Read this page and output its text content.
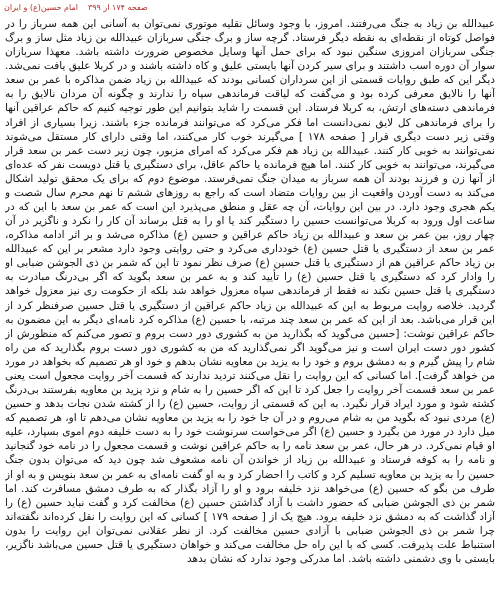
امام حسین(ع) و ایران صفحه ۱۷۴ از ۳۹۹

عبیدالله بن زیاد به جنگ می‌رفتند. امروز، با وجود وسائل نقلیه موتوری نمی‌توان به آسانی این همه سرباز را در فواصل کوتاه از نقطه‌ای به نقطه دیگر فرستاد. گرچه ساز و برگ جنگی سربازان عبیدالله بن زیاد مثل ساز و برگ جنگی سربازان امروزی سنگین نبود که برای حمل آنها وسایل مخصوص ضرورت داشته باشد. معهذا سربازان سوار آن دوره اسب داشتند و برای سیر کردن آنها بایستی علیق و کاه داشته باشند و در کربلا علیق یافت نمی‌شد. دیگر این که طبق روایات قسمتی از این سرداران کسانی بودند که عبیدالله بن زیاد ضمن مذاکره با عمر بن سعد آنها را نالایق معرفی کرده بود و می‌گفت که لیاقت فرماندهی سپاه را ندارند و چگونه آن مردان نالایق را به فرماندهی دسته‌های ارتش، به کربلا فرستاد. این قسمت را شاید بتوانیم این طور توجیه کنیم که حاکم عراقین آنها را برای فرماندهی کل لایق نمی‌دانست اما فکر می‌کرد که می‌توانند فرمانده جزء باشند. زیرا بسیاری از افراد وقتی زیر دست دیگری قرار [ صفحه ۱۷۸ ] می‌گیرند خوب کار می‌کنند، اما وقتی دارای کار مستقل می‌شوند نمی‌توانند به خوبی کار کنند. عبیدالله بن زیاد هم فکر می‌کرد که امرای مزبور، چون زیر دست عمر بن سعد قرار می‌گیرند، می‌توانند به خوبی کار کنند. اما هیچ فرمانده یا حاکم عاقل، برای دستگیری یا قتل دویست نفر که عده‌ای از آنها زن و فرزند بودند آن همه سرباز به میدان جنگ نمی‌فرستد. موضوع دوم که برای یک محقق تولید اشکال می‌کند به دست آوردن واقعیت از بین روایات متضاد است که راجع به روزهای ششم تا نهم محرم سال شصت و یکم هجری وجود دارد. در بین این روایات، آن چه عقل و منطق می‌پذیرد این است که عمر بن سعد با این که در ساعت اول ورود به کربلا می‌توانست حسین را دستگیر کند یا او را به قتل برساند آن کار را نکرد و ناگزیر در آن چهار روز، بین عمر بن سعد و عبیدالله بن زیاد حاکم عراقین و حسین (ع) مذاکره می‌شد و بر اثر ادامه مذاکره، عمر بن سعد از دستگیری یا قتل حسین (ع) خودداری می‌کرد و حتی روایتی وجود دارد مشعر بر این که عبیدالله بن زیاد حاکم عراقین هم از دستگیری یا قتل حسین (ع) صرف نظر نمود تا این که شمر بن ذی الجوشن ضبابی او را وادار کرد که دستگیری یا قتل حسین (ع) را تأیید کند و به عمر بن سعد بگوید که اگر بی‌درنگ مبادرت به دستگیری یا قتل حسین نکند نه فقط از فرماندهی سپاه معزول خواهد شد بلکه از حکومت ری نیز معزول خواهد گردید. خلاصه روایت مربوط به این که عبیدالله بن زیاد حاکم عراقین از دستگیری یا قتل حسین صرفنظر کرد از این قرار می‌باشد. بعد از این که عمر بن سعد چند مرتبه، با حسین (ع) مذاکره کرد نامه‌ای دیگر به این مضمون به حاکم عراقین نوشت: [حسین می‌گوید که بگذارید من به کشوری دور دست بروم و تصور می‌کنم که منظورش از کشور دور دست ایران است و نیز می‌گوید اگر نمی‌گذارید که من به کشوری دور دست بروم بگذارید که من راه شام را پیش گیرم و به دمشق بروم و خود را به یزید بن معاویه نشان بدهم و خود او هر تصمیم که بخواهد در مورد من خواهد گرفت]. اما کسانی که این روایت را نقل می‌کنند تردید ندارند که قسمت آخر روایت مجعول است یعنی عمر بن سعد قسمت آخر روایت را جعل کرد تا این که اگر حسین را به شام و نزد یزید بن معاویه بفرستند بی‌درنگ کشته شود و مورد ایراد قرار نگیرد. به این که قسمتی از روایت، حسین (ع) را از کشته شدن نجات بدهد و حسین (ع) مردی نبود که بگوید من به شام می‌روم و در آن جا خود را به یزید بن معاویه نشان می‌دهم تا او، هر تصمیم که میل دارد در مورد من بگیرد و حسین (ع) اگر می‌خواست سرنوشت خود را به دست خلیفه دوم اموی بسپارد، علیه او قیام نمی‌کرد. در هر حال، عمر بن سعد نامه را به حاکم عراقین نوشت و قسمت مجعول را در نامه خود گنجانید و نامه را به کوفه فرستاد و عبیدالله بن زیاد از خواندن آن نامه مشعوف شد چون دید که می‌توان بدون جنگ حسین را به یزید بن معاویه تسلیم کرد و کاتب را احضار کرد و به او گفت نامه‌ای به عمر بن سعد بنویس و به او از طرف من بگو که حسین (ع) می‌خواهد نزد خلیفه برود و او را آزاد بگذار که به طرف دمشق مسافرت کند. اما شمر بن ذی الجوشن ضبابی که حضور داشت با آزاد گذاشتن حسین (ع) مخالفت کرد و گفت نباید حسین (ع) را آزاد گذاشت که به دمشق نزد خلیفه برود. هیچ یک از [ صفحه ۱۷۹ ] کسانی که این روایت را نقل کرده‌اند نگفته‌اند چرا شمر بن ذی الجوشن ضبابی با آزادی حسین مخالفت کرد. از نظر عقلانی نمی‌توان این روایت را بدون استنباط علت پذیرفت. کسی که با این راه حل مخالفت می‌کند و خواهان دستگیری یا قتل حسین می‌باشد ناگزیر، بایستی با وی دشمنی داشته باشد. اما مدرکی وجود ندارد که نشان بدهد
